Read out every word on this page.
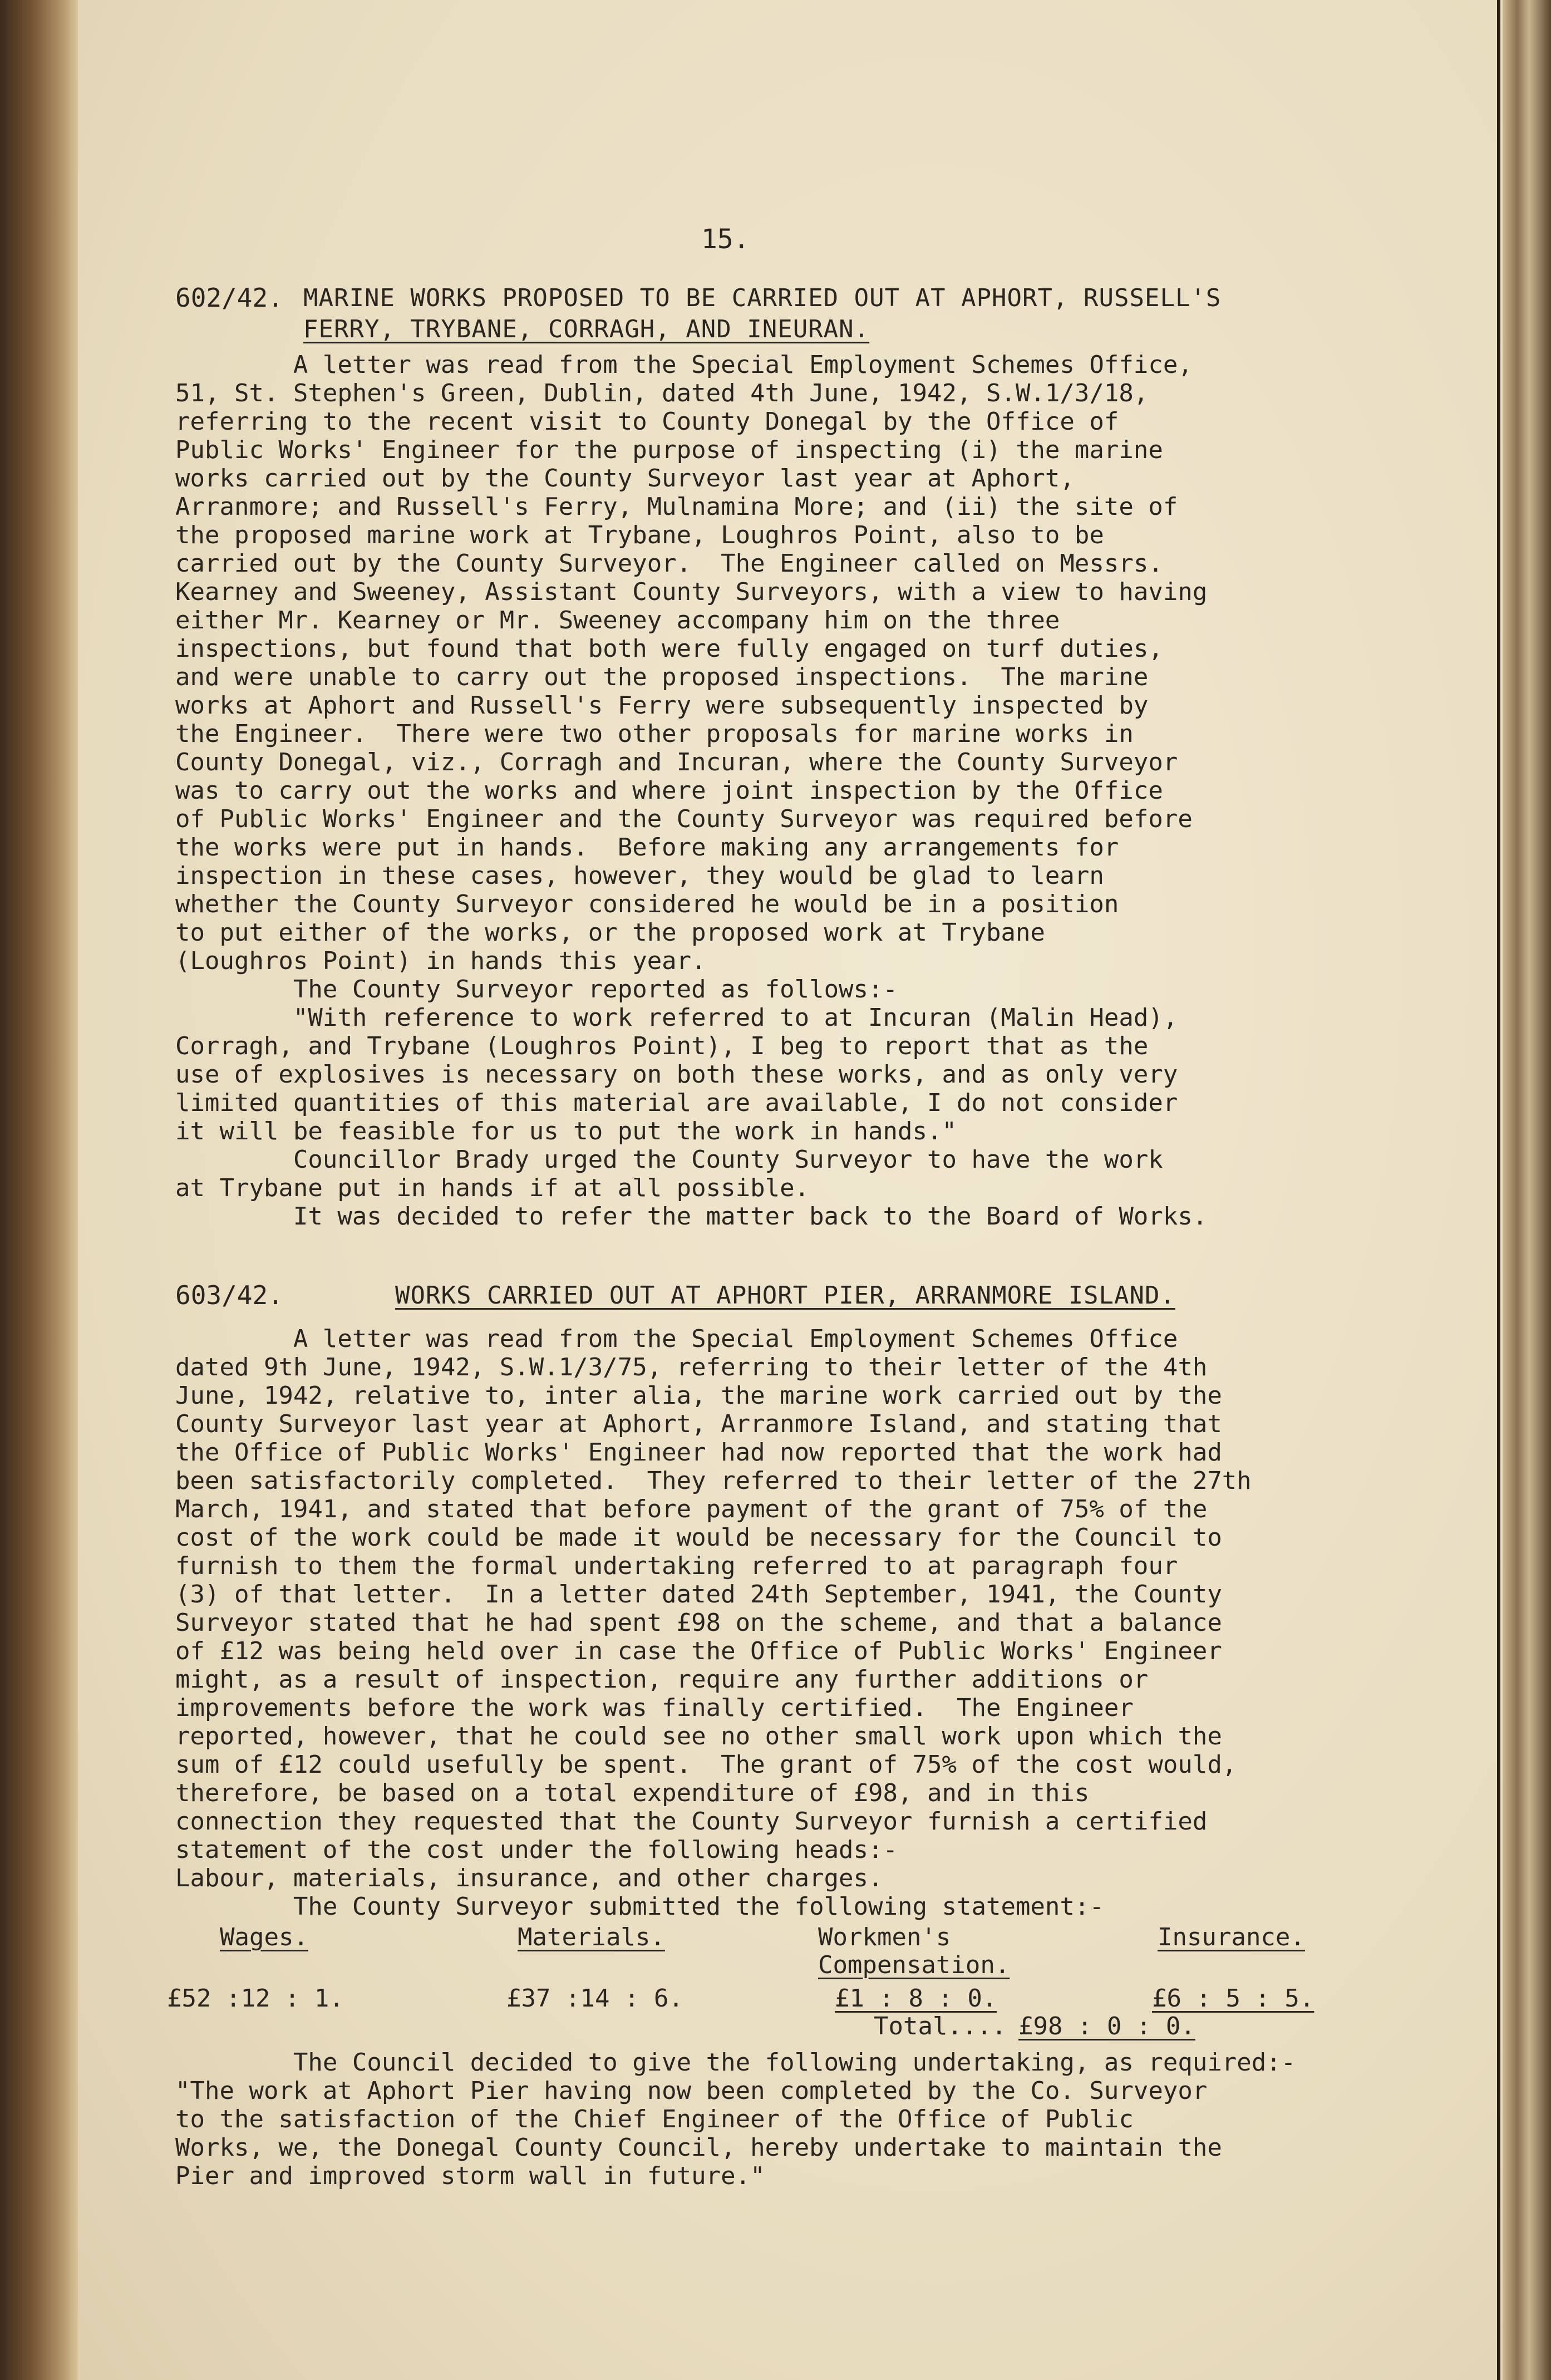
15.
602/42. MARINE WORKS PROPOSED TO BE CARRIED OUT AT APHORT, RUSSELL'S
FERRY, TRYBANE, CORRAGH, AND INEURAN.
A letter was read from the Special Employment Schemes Office,
51, St. Stephen's Green, Dublin, dated 4th June, 1942, S.W.1/3/18,
referring to the recent visit to County Donegal by the Office of
Public Works' Engineer for the purpose of inspecting (i) the marine
works carried out by the County Surveyor last year at Aphort,
Arranmore; and Russell's Ferry, Mulnamina More; and (ii) the site of
the proposed marine work at Trybane, Loughros Point, also to be
carried out by the County Surveyor.  The Engineer called on Messrs.
Kearney and Sweeney, Assistant County Surveyors, with a view to having
either Mr. Kearney or Mr. Sweeney accompany him on the three
inspections, but found that both were fully engaged on turf duties,
and were unable to carry out the proposed inspections.  The marine
works at Aphort and Russell's Ferry were subsequently inspected by
the Engineer.  There were two other proposals for marine works in
County Donegal, viz., Corragh and Incuran, where the County Surveyor
was to carry out the works and where joint inspection by the Office
of Public Works' Engineer and the County Surveyor was required before
the works were put in hands.  Before making any arrangements for
inspection in these cases, however, they would be glad to learn
whether the County Surveyor considered he would be in a position
to put either of the works, or the proposed work at Trybane
(Loughros Point) in hands this year.
The County Surveyor reported as follows:-
"With reference to work referred to at Incuran (Malin Head),
Corragh, and Trybane (Loughros Point), I beg to report that as the
use of explosives is necessary on both these works, and as only very
limited quantities of this material are available, I do not consider
it will be feasible for us to put the work in hands."
Councillor Brady urged the County Surveyor to have the work
at Trybane put in hands if at all possible.
It was decided to refer the matter back to the Board of Works.
603/42.	WORKS CARRIED OUT AT APHORT PIER, ARRANMORE ISLAND.
A letter was read from the Special Employment Schemes Office
dated 9th June, 1942, S.W.1/3/75, referring to their letter of the 4th
June, 1942, relative to, inter alia, the marine work carried out by the
County Surveyor last year at Aphort, Arranmore Island, and stating that
the Office of Public Works' Engineer had now reported that the work had
been satisfactorily completed.  They referred to their letter of the 27th
March, 1941, and stated that before payment of the grant of 75% of the
cost of the work could be made it would be necessary for the Council to
furnish to them the formal undertaking referred to at paragraph four
(3) of that letter.  In a letter dated 24th September, 1941, the County
Surveyor stated that he had spent £98 on the scheme, and that a balance
of £12 was being held over in case the Office of Public Works' Engineer
might, as a result of inspection, require any further additions or
improvements before the work was finally certified.  The Engineer
reported, however, that he could see no other small work upon which the
sum of £12 could usefully be spent.  The grant of 75% of the cost would,
therefore, be based on a total expenditure of £98, and in this
connection they requested that the County Surveyor furnish a certified
statement of the cost under the following heads:-
Labour, materials, insurance, and other charges.
The County Surveyor submitted the following statement:-
Wages.	Materials.	Workmen's	Insurance.
Compensation.
£52 :12 : 1.	£37 :14 : 6.	£1 : 8 : 0.	£6 : 5 : 5.
Total.... £98 : 0 : 0.
The Council decided to give the following undertaking, as required:-
"The work at Aphort Pier having now been completed by the Co. Surveyor
to the satisfaction of the Chief Engineer of the Office of Public
Works, we, the Donegal County Council, hereby undertake to maintain the
Pier and improved storm wall in future."
